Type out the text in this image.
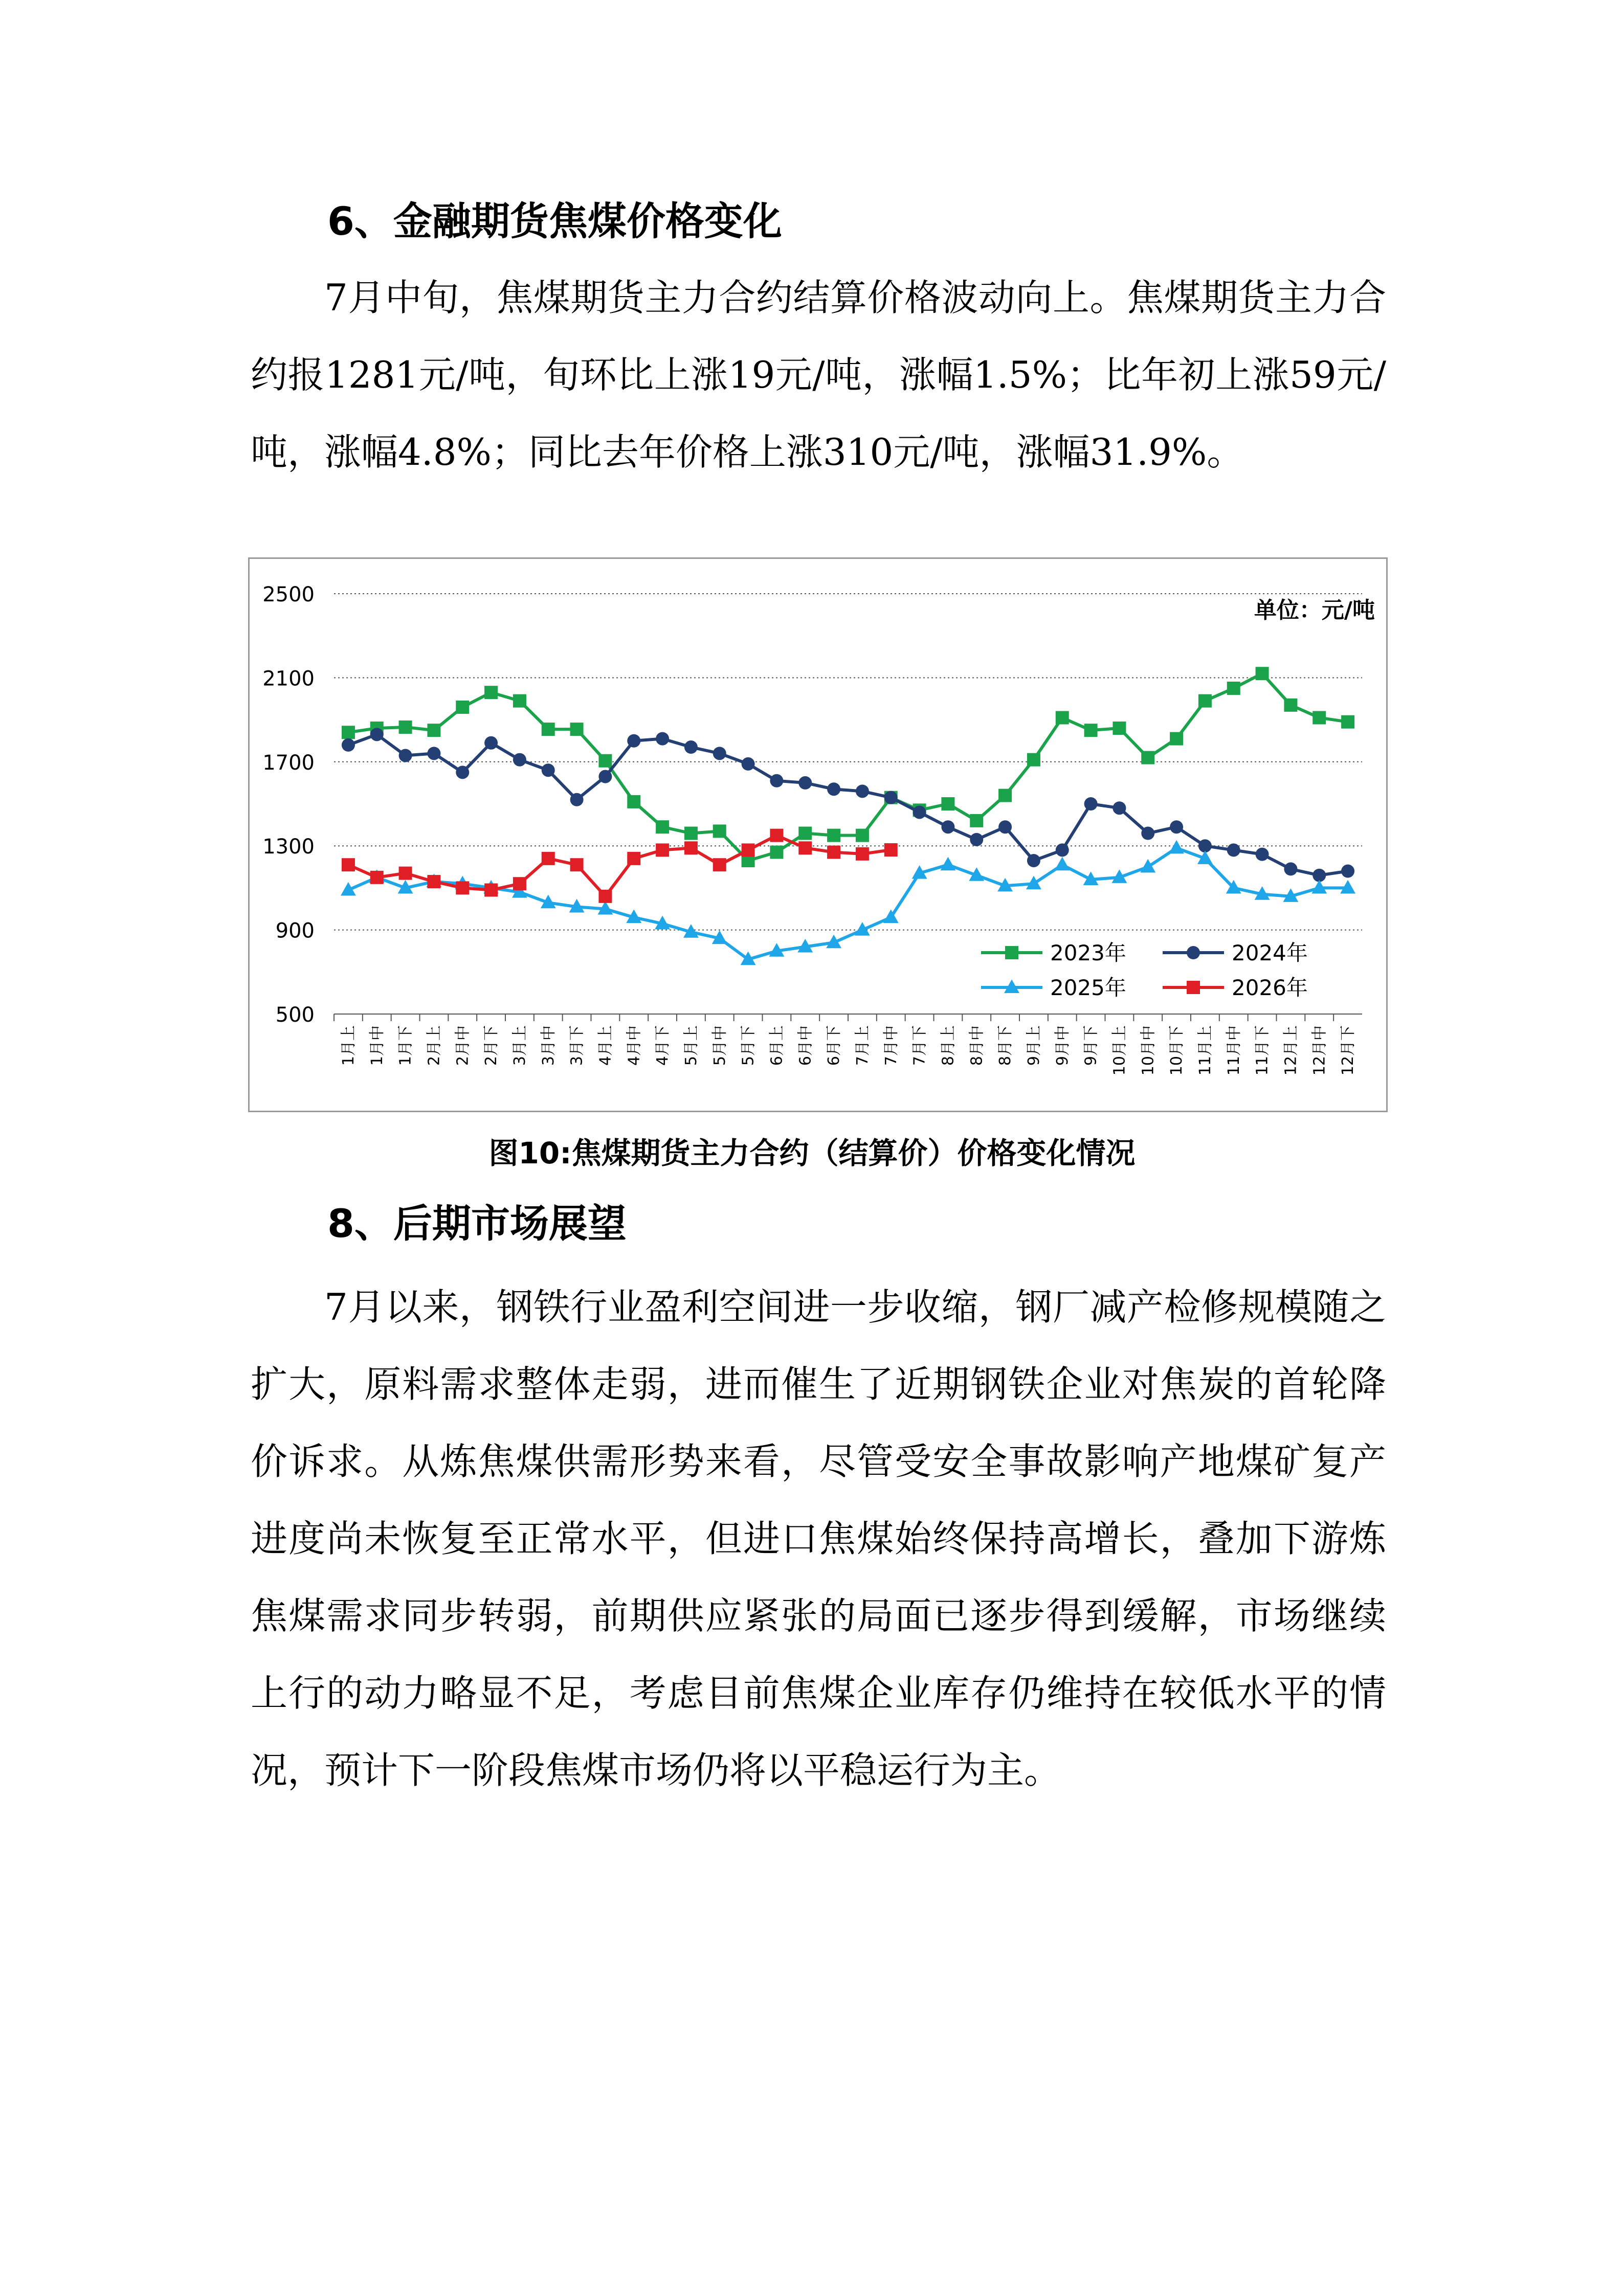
6、金融期货焦煤价格变化

7月中旬，焦煤期货主力合约结算价格波动向上。焦煤期货主力合约报1281元/吨，旬环比上涨19元/吨，涨幅1.5%；比年初上涨59元/吨，涨幅4.8%；同比去年价格上涨310元/吨，涨幅31.9%。

500
900
1300
1700
2100
2500
1月上 1月中 1月下 2月上 2月中 2月下 3月上 3月中 3月下 4月上 4月中 4月下 5月上 5月中 5月下 6月上 6月中 6月下 7月上 7月中 7月下 8月上 8月中 8月下 9月上 9月中 9月下 10月上 10月中 10月下 11月上 11月中 11月下 12月上 12月中 12月下
单位：元/吨
2023年	2024年
2025年	2026年
图10:焦煤期货主力合约（结算价）价格变化情况
8、后期市场展望

7月以来，钢铁行业盈利空间进一步收缩，钢厂减产检修规模随之扩大，原料需求整体走弱，进而催生了近期钢铁企业对焦炭的首轮降价诉求。从炼焦煤供需形势来看，尽管受安全事故影响产地煤矿复产进度尚未恢复至正常水平，但进口焦煤始终保持高增长，叠加下游炼焦煤需求同步转弱，前期供应紧张的局面已逐步得到缓解，市场继续上行的动力略显不足，考虑目前焦煤企业库存仍维持在较低水平的情况，预计下一阶段焦煤市场仍将以平稳运行为主。
